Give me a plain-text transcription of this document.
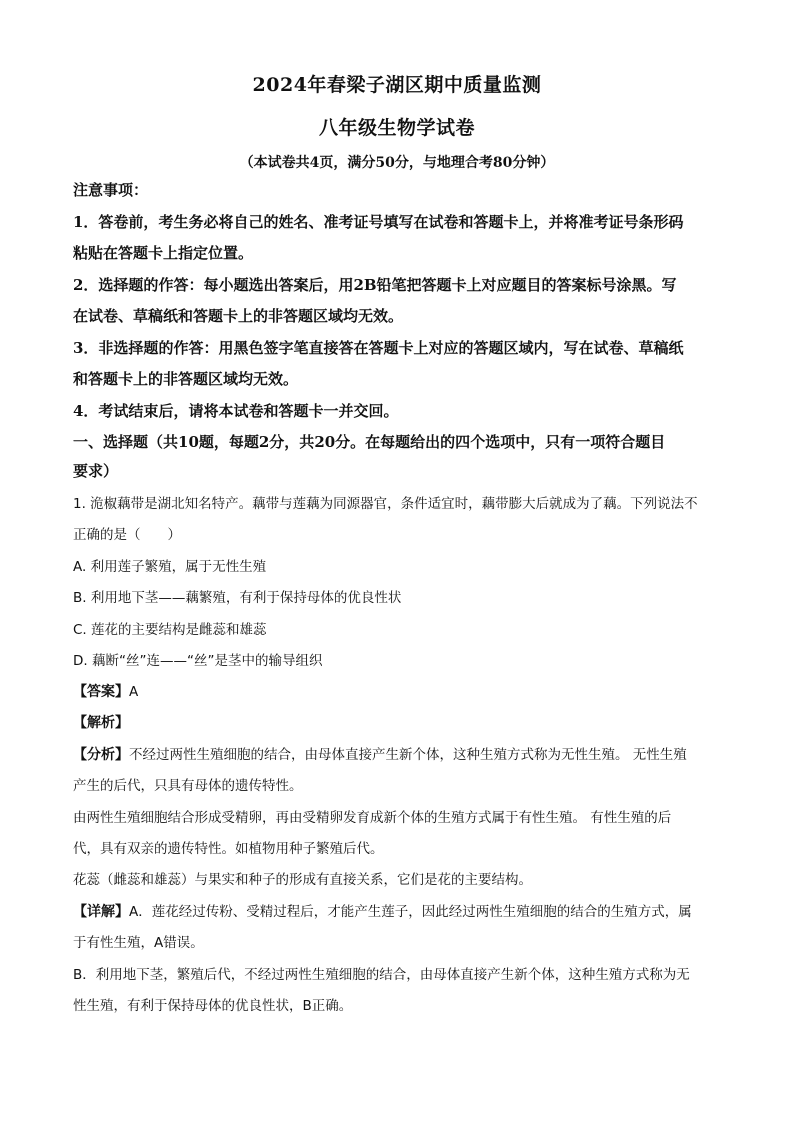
2024年春梁子湖区期中质量监测
八年级生物学试卷
（本试卷共4页，满分50分，与地理合考80分钟）
注意事项：
1．答卷前，考生务必将自己的姓名、准考证号填写在试卷和答题卡上，并将准考证号条形码
粘贴在答题卡上指定位置。
2．选择题的作答：每小题选出答案后，用2B铅笔把答题卡上对应题目的答案标号涂黑。写
在试卷、草稿纸和答题卡上的非答题区域均无效。
3．非选择题的作答：用黑色签字笔直接答在答题卡上对应的答题区域内，写在试卷、草稿纸
和答题卡上的非答题区域均无效。
4．考试结束后，请将本试卷和答题卡一并交回。
一、选择题（共10题，每题2分，共20分。在每题给出的四个选项中，只有一项符合题目
要求）
1. 洈椒藕带是湖北知名特产。藕带与莲藕为同源器官，条件适宜时，藕带膨大后就成为了藕。下列说法不
正确的是（　　）
A. 利用莲子繁殖，属于无性生殖
B. 利用地下茎——藕繁殖，有利于保持母体的优良性状
C. 莲花的主要结构是雌蕊和雄蕊
D. 藕断“丝”连——“丝”是茎中的输导组织
【答案】A
【解析】
【分析】不经过两性生殖细胞的结合，由母体直接产生新个体，这种生殖方式称为无性生殖。 无性生殖
产生的后代，只具有母体的遗传特性。
由两性生殖细胞结合形成受精卵，再由受精卵发育成新个体的生殖方式属于有性生殖。 有性生殖的后
代，具有双亲的遗传特性。如植物用种子繁殖后代。
花蕊（雌蕊和雄蕊）与果实和种子的形成有直接关系，它们是花的主要结构。
【详解】A．莲花经过传粉、受精过程后，才能产生莲子，因此经过两性生殖细胞的结合的生殖方式，属
于有性生殖，A错误。
B．利用地下茎，繁殖后代，不经过两性生殖细胞的结合，由母体直接产生新个体，这种生殖方式称为无
性生殖，有利于保持母体的优良性状，B正确。
